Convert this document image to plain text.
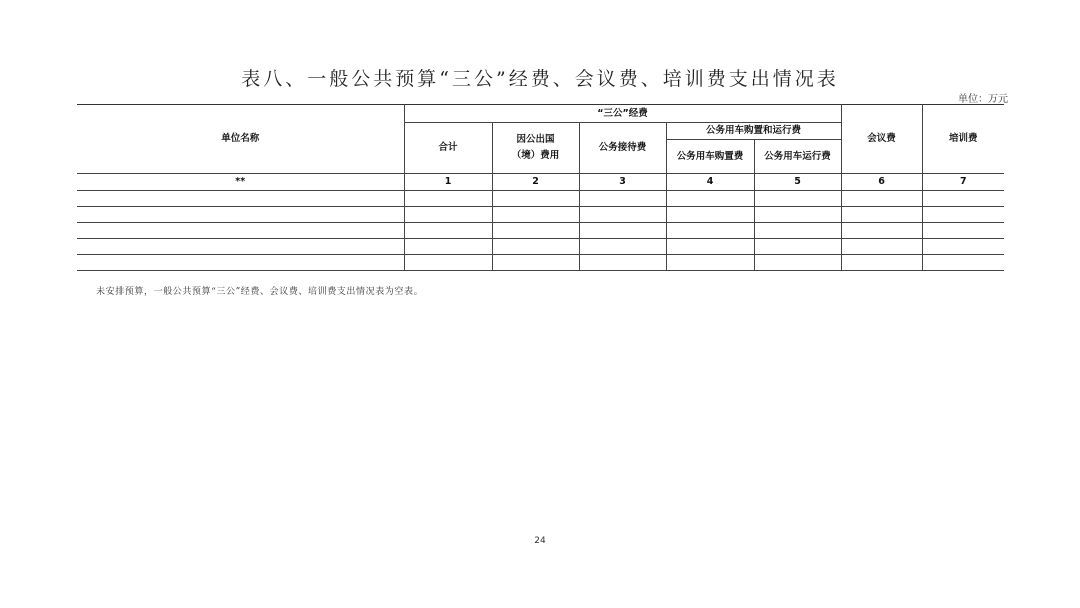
表八、一般公共预算“三公”经费、会议费、培训费支出情况表
单位：万元
单位名称	“三公”经费					会议费	培训费
	合计	因公出国（境）费用	公务接待费	公务用车购置和运行费			
				公务用车购置费	公务用车运行费		
**	1	2	3	4	5	6	7

未安排预算，一般公共预算“三公”经费、会议费、培训费支出情况表为空表。
24
